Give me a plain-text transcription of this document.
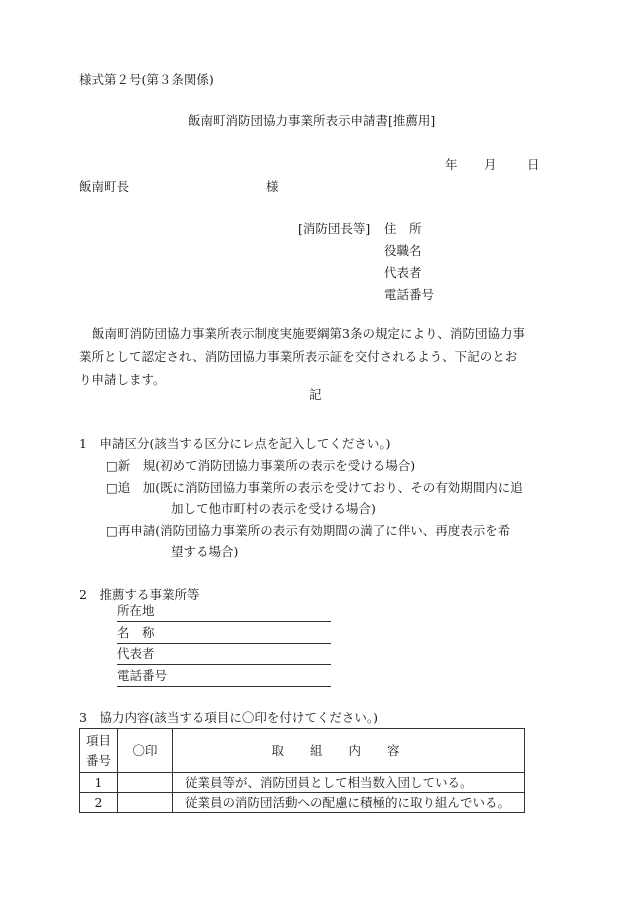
様式第２号(第３条関係)
飯南町消防団協力事業所表示申請書[推薦用]
年 月 日
飯南町長	様
[消防団長等] 住　所
役職名
代表者
電話番号
飯南町消防団協力事業所表示制度実施要綱第3条の規定により、消防団協力事
業所として認定され、消防団協力事業所表示証を交付されるよう、下記のとお
り申請します。
記
1　申請区分(該当する区分にレ点を記入してください。)
□新　規(初めて消防団協力事業所の表示を受ける場合)
□追　加(既に消防団協力事業所の表示を受けており、その有効期間内に追
加して他市町村の表示を受ける場合)
□再申請(消防団協力事業所の表示有効期間の満了に伴い、再度表示を希
望する場合)
2　推薦する事業所等
所在地
名　称
代表者
電話番号
3　協力内容(該当する項目に〇印を付けてください。)
項目
番号	〇印	取組内容
1		従業員等が、消防団員として相当数入団している。
2		従業員の消防団活動への配慮に積極的に取り組んでいる。
